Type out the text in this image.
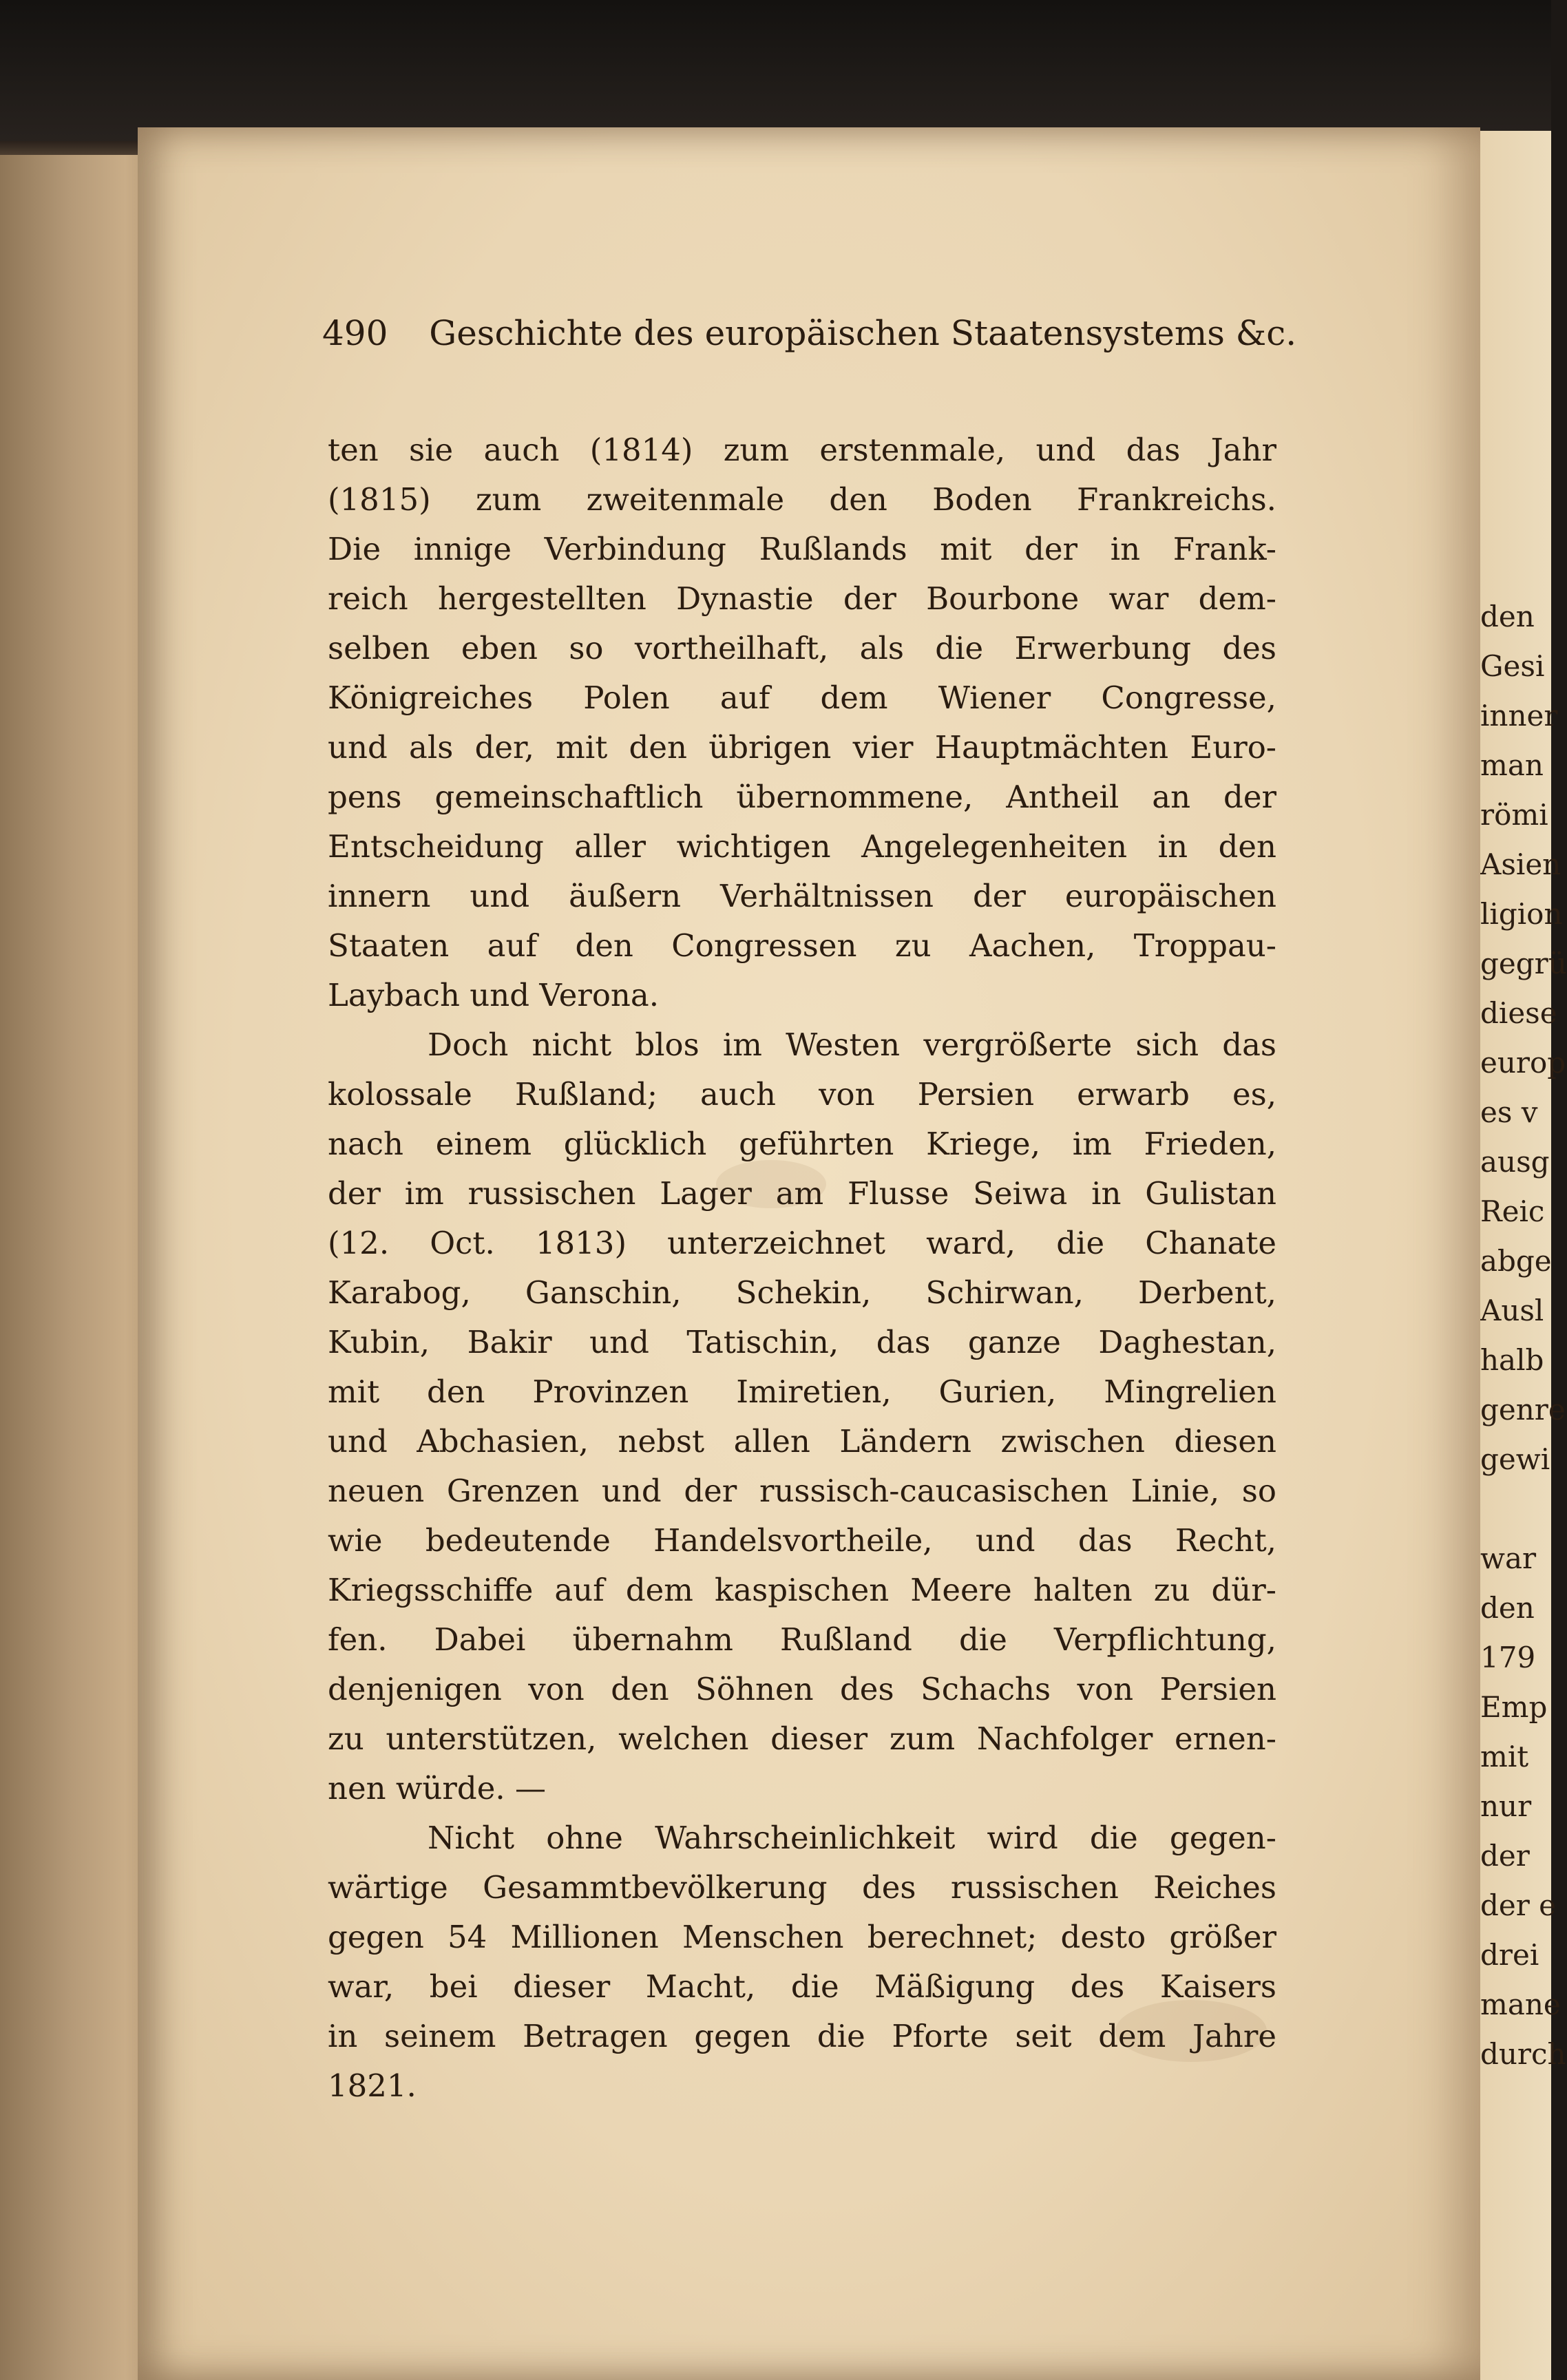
den
Gesi
inner
man
römi
Asien
ligion
gegrü
diese
europ
es v
ausg
Reic
abge
Ausl
halb
genre
gewi
war
den
179
Emp
mit
nur
der
der e
drei
mane
durch
490 Geschichte des europäischen Staatensystems &c.
ten sie auch (1814) zum erstenmale, und das Jahr
(1815) zum zweitenmale den Boden Frankreichs.
Die innige Verbindung Rußlands mit der in Frank-
reich hergestellten Dynastie der Bourbone war dem-
selben eben so vortheilhaft, als die Erwerbung des
Königreiches Polen auf dem Wiener Congresse,
und als der, mit den übrigen vier Hauptmächten Euro-
pens gemeinschaftlich übernommene, Antheil an der
Entscheidung aller wichtigen Angelegenheiten in den
innern und äußern Verhältnissen der europäischen
Staaten auf den Congressen zu Aachen, Troppau-
Laybach und Verona.
Doch nicht blos im Westen vergrößerte sich das
kolossale Rußland; auch von Persien erwarb es,
nach einem glücklich geführten Kriege, im Frieden,
der im russischen Lager am Flusse Seiwa in Gulistan
(12. Oct. 1813) unterzeichnet ward, die Chanate
Karabog, Ganschin, Schekin, Schirwan, Derbent,
Kubin, Bakir und Tatischin, das ganze Daghestan,
mit den Provinzen Imiretien, Gurien, Mingrelien
und Abchasien, nebst allen Ländern zwischen diesen
neuen Grenzen und der russisch-caucasischen Linie, so
wie bedeutende Handelsvortheile, und das Recht,
Kriegsschiffe auf dem kaspischen Meere halten zu dür-
fen. Dabei übernahm Rußland die Verpflichtung,
denjenigen von den Söhnen des Schachs von Persien
zu unterstützen, welchen dieser zum Nachfolger ernen-
nen würde. —
Nicht ohne Wahrscheinlichkeit wird die gegen-
wärtige Gesammtbevölkerung des russischen Reiches
gegen 54 Millionen Menschen berechnet; desto größer
war, bei dieser Macht, die Mäßigung des Kaisers
in seinem Betragen gegen die Pforte seit dem Jahre
1821.
